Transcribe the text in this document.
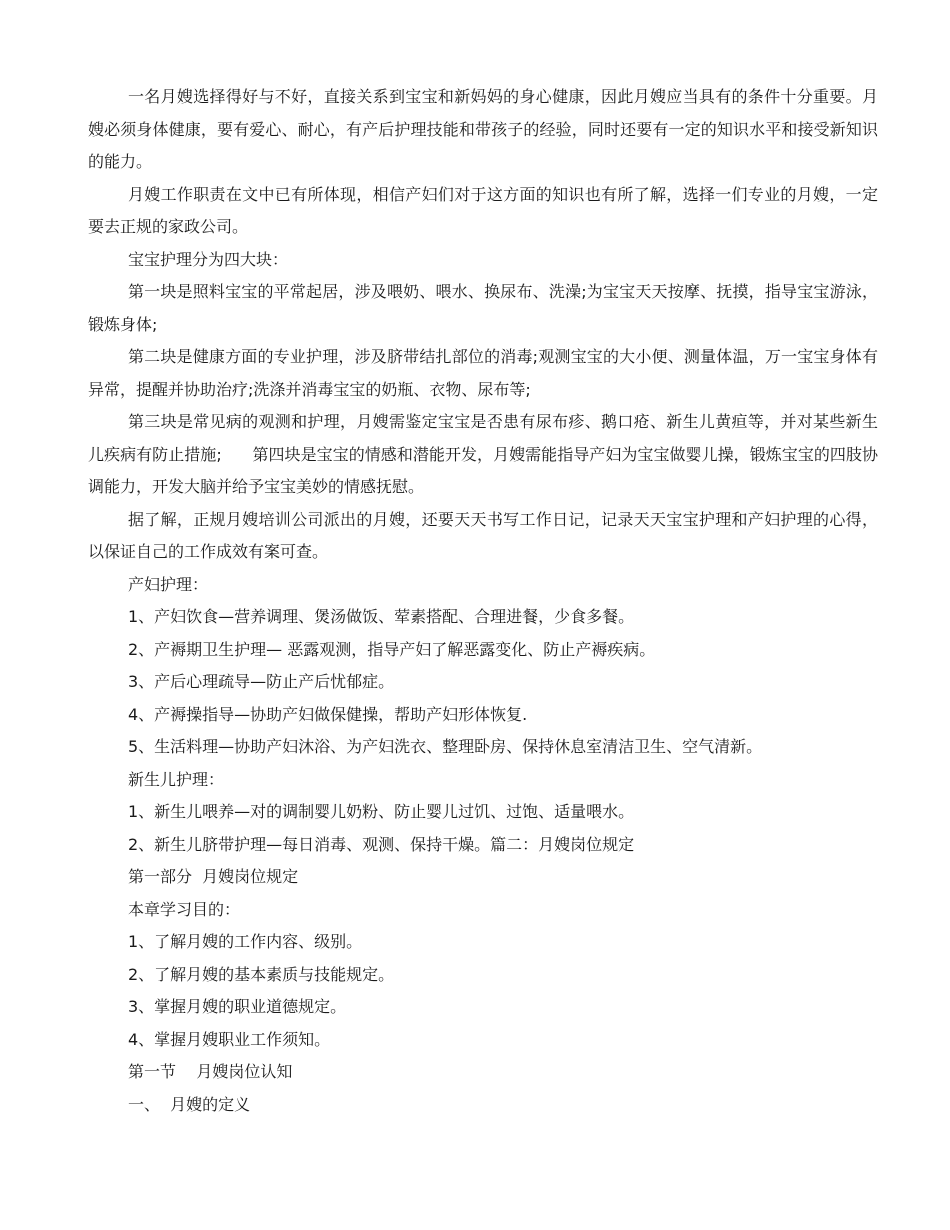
一名月嫂选择得好与不好，直接关系到宝宝和新妈妈的身心健康，因此月嫂应当具有的条件十分重要。月嫂必须身体健康，要有爱心、耐心，有产后护理技能和带孩子的经验，同时还要有一定的知识水平和接受新知识的能力。

月嫂工作职责在文中已有所体现，相信产妇们对于这方面的知识也有所了解，选择一们专业的月嫂，一定要去正规的家政公司。

宝宝护理分为四大块：

第一块是照料宝宝的平常起居，涉及喂奶、喂水、换尿布、洗澡;为宝宝天天按摩、抚摸，指导宝宝游泳，锻炼身体;

第二块是健康方面的专业护理，涉及脐带结扎部位的消毒;观测宝宝的大小便、测量体温，万一宝宝身体有异常，提醒并协助治疗;洗涤并消毒宝宝的奶瓶、衣物、尿布等;

第三块是常见病的观测和护理，月嫂需鉴定宝宝是否患有尿布疹、鹅口疮、新生儿黄疸等，并对某些新生儿疾病有防止措施;      第四块是宝宝的情感和潜能开发，月嫂需能指导产妇为宝宝做婴儿操，锻炼宝宝的四肢协调能力，开发大脑并给予宝宝美妙的情感抚慰。

据了解，正规月嫂培训公司派出的月嫂，还要天天书写工作日记，记录天天宝宝护理和产妇护理的心得，以保证自己的工作成效有案可查。

产妇护理：

1、产妇饮食—营养调理、煲汤做饭、荤素搭配、合理进餐，少食多餐。

2、产褥期卫生护理— 恶露观测，指导产妇了解恶露变化、防止产褥疾病。

3、产后心理疏导—防止产后忧郁症。

4、产褥操指导—协助产妇做保健操，帮助产妇形体恢复.

5、生活料理—协助产妇沐浴、为产妇洗衣、整理卧房、保持休息室清洁卫生、空气清新。

新生儿护理：

1、新生儿喂养—对的调制婴儿奶粉、防止婴儿过饥、过饱、适量喂水。

2、新生儿脐带护理—每日消毒、观测、保持干燥。篇二：月嫂岗位规定

第一部分  月嫂岗位规定

本章学习目的：

1、了解月嫂的工作内容、级别。

2、了解月嫂的基本素质与技能规定。

3、掌握月嫂的职业道德规定。

4、掌握月嫂职业工作须知。

第一节    月嫂岗位认知

一、  月嫂的定义
